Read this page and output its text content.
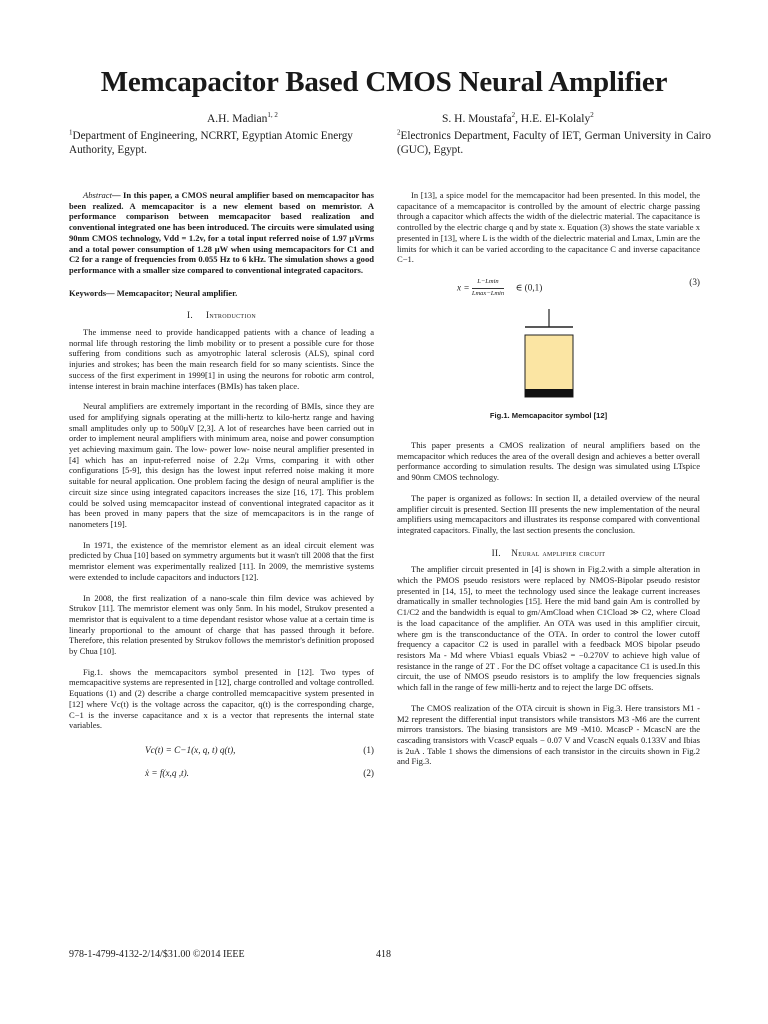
Memcapacitor Based CMOS Neural Amplifier
A.H. Madian$^{1, 2}$	S. H. Moustafa$^2$, H.E. El-Kolaly$^2$
$^1$Department of Engineering, NCRRT, Egyptian Atomic Energy Authority, Egypt.
$^2$Electronics Department, Faculty of IET, German University in Cairo (GUC), Egypt.

Abstract— In this paper, a CMOS neural amplifier based on memcapacitor has been realized. A memcapacitor is a new element based on memristor. A performance comparison between memcapacitor based realization and conventional integrated one has been introduced. The circuits were simulated using 90nm CMOS technology, Vdd = 1.2v, for a total input referred noise of 1.97 μVrms and a total power consumption of 1.28 μW when using memcapacitors for C1 and C2 for a range of frequencies from 0.055 Hz to 6 kHz. The simulation shows a good performance with a smaller size compared to conventional integrated capacitors.

Keywords— Memcapacitor; Neural amplifier.

I. Introduction

The immense need to provide handicapped patients with a chance of leading a normal life through restoring the limb mobility or to present a possible cure for those suffering from conditions such as amyotrophic lateral sclerosis (ALS), spinal cord injuries and strokes; has been the main research field for so many scientists. Since the success of the first experiment in 1999[1] in using the neurons for robotic arm control, intense interest in brain machine interfaces (BMIs) has taken place.

Neural amplifiers are extremely important in the recording of BMIs, since they are used for amplifying signals operating at the milli-hertz to kilo-hertz range and having small amplitudes only up to 500μV [2,3]. A lot of researches have been carried out in order to implement neural amplifiers with minimum area, noise and power consumption yet achieving maximum gain. The low- power low- noise neural amplifier presented in [4] which has an input-referred noise of 2.2μ Vrms, comparing it with other configurations [5-9], this design has the lowest input referred noise making it more suitable for neural application. One problem facing the design of neural amplifier is the circuit size since using integrated capacitors increases the size [16, 17]. This problem could be solved using memcapacitor instead of conventional integrated capacitor as it has been proved in many papers that the size of memcapacitors is in the range of nanometers [19].

In 1971, the existence of the memristor element as an ideal circuit element was predicted by Chua [10] based on symmetry arguments but it wasn't till 2008 that the first memristor element was experimentally realized [11]. In 2009, the memristive systems were extended to include capacitors and inductors [12].

In 2008, the first realization of a nano-scale thin film device was achieved by Strukov [11]. The memristor element was only 5nm. In his model, Strukov presented a memristor that is equivalent to a time dependant resistor whose value at a certain time is linearly proportional to the amount of charge that has passed through it before. Therefore, this relation presented by Strukov follows the memristor's definition proposed by Chua [10].

Fig.1. shows the memcapacitors symbol presented in [12]. Two types of memcapacitive systems are represented in [12], charge controlled and voltage controlled. Equations (1) and (2) describe a charge controlled memcapacitive system presented in [12] where Vc(t) is the voltage across the capacitor, q(t) is the corresponding charge, C−1 is the inverse capacitance and x is a vector that represents the internal state variables.

Vc(t) = C−1(x, q, t) q(t),	(1)
ẋ = f(x,q ,t).	(2)

In [13], a spice model for the memcapacitor had been presented. In this model, the capacitance of a memcapacitor is controlled by the amount of electric charge passing through a capacitor which affects the width of the dielectric material. The capacitance is controlled by the electric charge q and by state x. Equation (3) shows the state variable x presented in [13], where L is the width of the dielectric material and Lmax, Lmin are the limits for which it can be varied according to the capacitance C and inverse capacitance C−1.

$x = \frac{L-Lmin}{Lmax-Lmin}$ ∈ (0,1)
(3)
Fig.1. Memcapacitor symbol [12]

This paper presents a CMOS realization of neural amplifiers based on the memcapacitor which reduces the area of the overall design and achieves a better overall performance according to simulation results. The design was simulated using LTspice and 90nm CMOS technology.

The paper is organized as follows: In section II, a detailed overview of the neural amplifier circuit is presented. Section III presents the new implementation of the neural amplifiers using memcapacitors and illustrates its response compared with conventional integrated capacitors. Finally, the last section presents the conclusion.

II. Neural amplifier circuit

The amplifier circuit presented in [4] is shown in Fig.2.with a simple alteration in which the PMOS pseudo resistors were replaced by NMOS-Bipolar pseudo resistor presented in [14, 15], to meet the technology used since the leakage current increases dramatically in smaller technologies [15]. Here the mid band gain Am is controlled by C1/C2 and the bandwidth is equal to gm/AmCload when C1Cload ≫ C2, where Cload is the load capacitance of the amplifier. An OTA was used in this amplifier circuit, where gm is the transconductance of the OTA. In order to control the lower cutoff frequency a capacitor C2 is used in parallel with a feedback MOS bipolar pseudo resistors Ma - Md where Vbias1 equals Vbias2 = −0.270V to achieve high value of resistance in the range of 2T . For the DC offset voltage a capacitance C1 is used.In this circuit, the use of NMOS pseudo resistors is to amplify the low frequencies signals which fall in the range of few milli-hertz and to reject the large DC offsets.

The CMOS realization of the OTA circuit is shown in Fig.3. Here transistors M1 -M2 represent the differential input transistors while transistors M3 -M6 are the current mirrors transistors. The biasing transistors are M9 -M10. McascP - McascN are the cascading transistors with VcascP equals − 0.07 V and VcascN equals 0.133V and Ibias is 2uA . Table 1 shows the dimensions of each transistor in the circuits shown in Fig.2 and Fig.3.

978-1-4799-4132-2/14/$31.00 ©2014 IEEE	418
